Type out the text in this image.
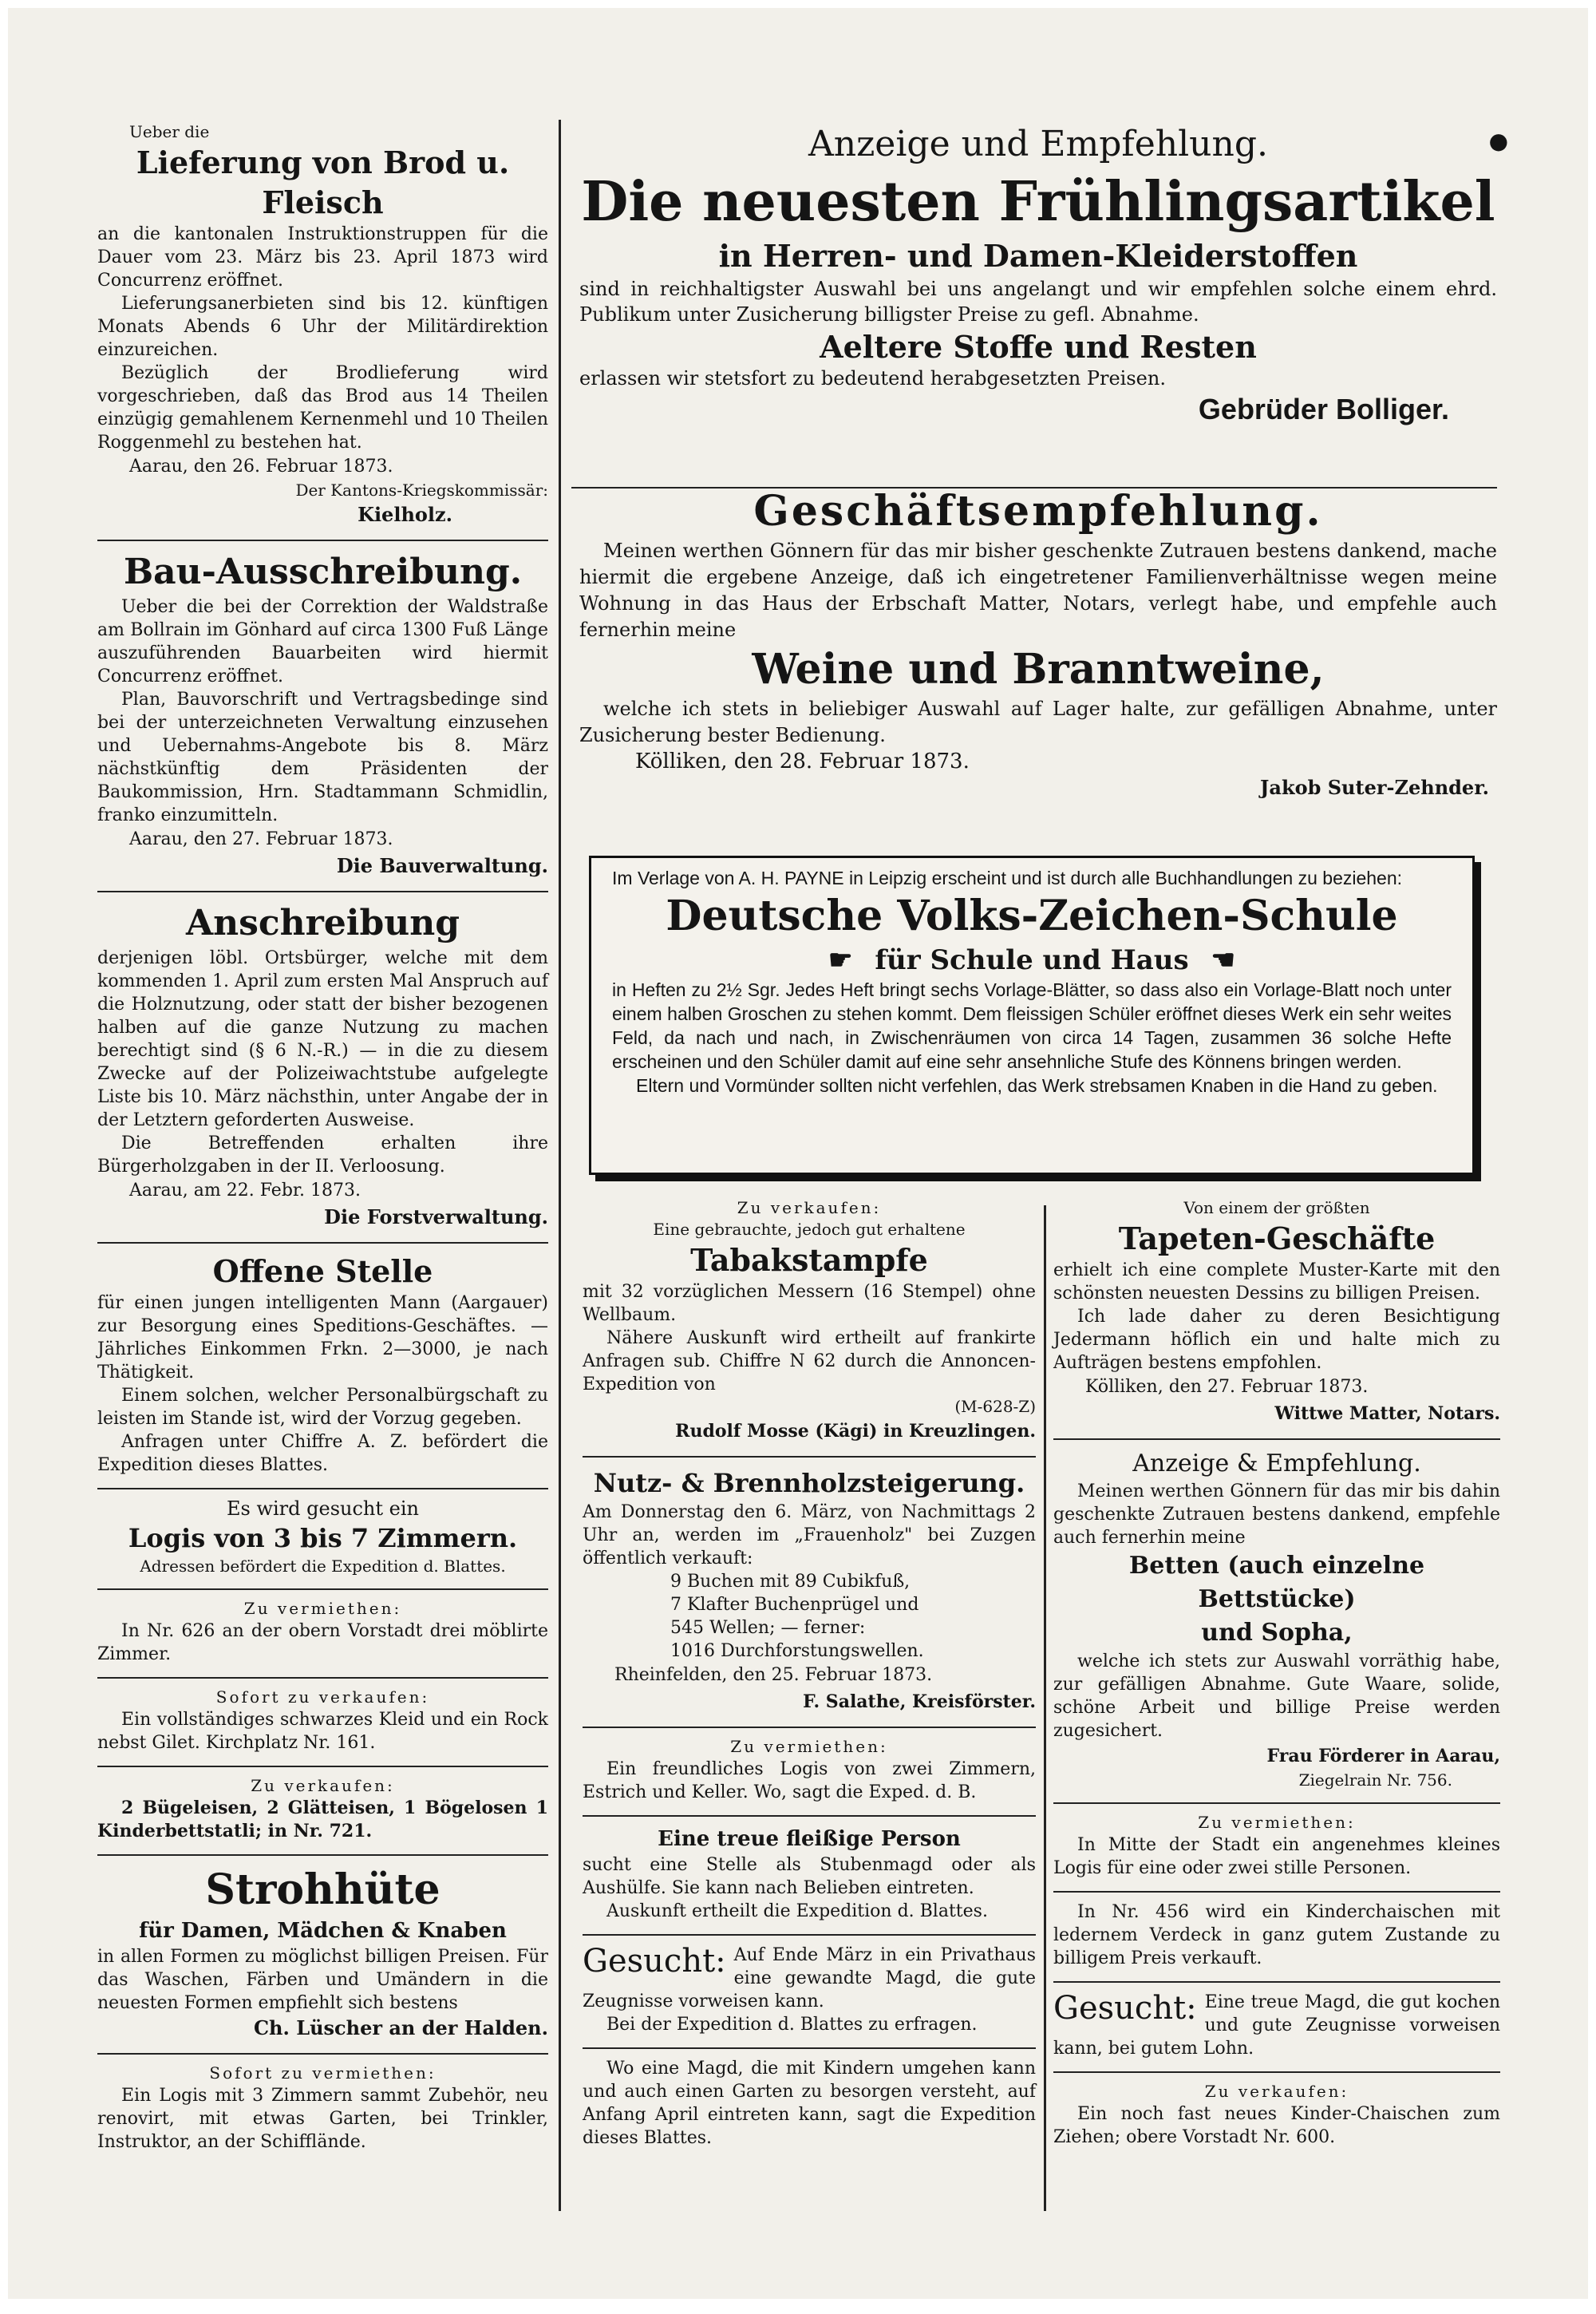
Ueber die

Lieferung von Brod u. Fleisch

an die kantonalen Instruktionstruppen für die Dauer vom 23. März bis 23. April 1873 wird Concurrenz eröffnet.

Lieferungsanerbieten sind bis 12. künftigen Monats Abends 6 Uhr der Militärdirektion einzureichen.

Bezüglich der Brodlieferung wird vorgeschrieben, daß das Brod aus 14 Theilen einzügig gemahlenem Kernenmehl und 10 Theilen Roggenmehl zu bestehen hat.

Aarau, den 26. Februar 1873.

Der Kantons-Kriegskommissär:

Kielholz.

Bau-Ausschreibung.

Ueber die bei der Correktion der Waldstraße am Bollrain im Gönhard auf circa 1300 Fuß Länge auszuführenden Bauarbeiten wird hiermit Concurrenz eröffnet.

Plan, Bauvorschrift und Vertragsbedinge sind bei der unterzeichneten Verwaltung einzusehen und Uebernahms-Angebote bis 8. März nächstkünftig dem Präsidenten der Baukommission, Hrn. Stadtammann Schmidlin, franko einzumitteln.

Aarau, den 27. Februar 1873.

Die Bauverwaltung.

Anschreibung

derjenigen löbl. Ortsbürger, welche mit dem kommenden 1. April zum ersten Mal Anspruch auf die Holznutzung, oder statt der bisher bezogenen halben auf die ganze Nutzung zu machen berechtigt sind (§ 6 N.-R.) — in die zu diesem Zwecke auf der Polizeiwachtstube aufgelegte Liste bis 10. März nächsthin, unter Angabe der in der Letztern geforderten Ausweise.

Die Betreffenden erhalten ihre Bürgerholzgaben in der II. Verloosung.

Aarau, am 22. Febr. 1873.

Die Forstverwaltung.

Offene Stelle

für einen jungen intelligenten Mann (Aargauer) zur Besorgung eines Speditions-Geschäftes. — Jährliches Einkommen Frkn. 2—3000, je nach Thätigkeit.

Einem solchen, welcher Personalbürgschaft zu leisten im Stande ist, wird der Vorzug gegeben.

Anfragen unter Chiffre A. Z. befördert die Expedition dieses Blattes.

Es wird gesucht ein

Logis von 3 bis 7 Zimmern.

Adressen befördert die Expedition d. Blattes.

Zu vermiethen:

In Nr. 626 an der obern Vorstadt drei möblirte Zimmer.

Sofort zu verkaufen:

Ein vollständiges schwarzes Kleid und ein Rock nebst Gilet. Kirchplatz Nr. 161.

Zu verkaufen:

2 Bügeleisen, 2 Glätteisen, 1 Bögelosen 1 Kinderbettstatli; in Nr. 721.

Strohhüte

für Damen, Mädchen & Knaben

in allen Formen zu möglichst billigen Preisen. Für das Waschen, Färben und Umändern in die neuesten Formen empfiehlt sich bestens

Ch. Lüscher an der Halden.

Sofort zu vermiethen:

Ein Logis mit 3 Zimmern sammt Zubehör, neu renovirt, mit etwas Garten, bei Trinkler, Instruktor, an der Schifflände.

Anzeige und Empfehlung.

Die neuesten Frühlingsartikel

in Herren- und Damen-Kleiderstoffen

sind in reichhaltigster Auswahl bei uns angelangt und wir empfehlen solche einem ehrd. Publikum unter Zusicherung billigster Preise zu gefl. Abnahme.

Aeltere Stoffe und Resten

erlassen wir stetsfort zu bedeutend herabgesetzten Preisen.

Gebrüder Bolliger.

●

Geschäftsempfehlung.

Meinen werthen Gönnern für das mir bisher geschenkte Zutrauen bestens dankend, mache hiermit die ergebene Anzeige, daß ich eingetretener Familienverhältnisse wegen meine Wohnung in das Haus der Erbschaft Matter, Notars, verlegt habe, und empfehle auch fernerhin meine

Weine und Branntweine,

welche ich stets in beliebiger Auswahl auf Lager halte, zur gefälligen Abnahme, unter Zusicherung bester Bedienung.

Kölliken, den 28. Februar 1873.

Jakob Suter-Zehnder.

Im Verlage von A. H. PAYNE in Leipzig erscheint und ist durch alle Buchhandlungen zu beziehen:

Deutsche Volks-Zeichen-Schule

☛ für Schule und Haus ☚

in Heften zu 2½ Sgr. Jedes Heft bringt sechs Vorlage-Blätter, so dass also ein Vorlage-Blatt noch unter einem halben Groschen zu stehen kommt. Dem fleissigen Schüler eröffnet dieses Werk ein sehr weites Feld, da nach und nach, in Zwischenräumen von circa 14 Tagen, zusammen 36 solche Hefte erscheinen und den Schüler damit auf eine sehr ansehnliche Stufe des Könnens bringen werden.

Eltern und Vormünder sollten nicht verfehlen, das Werk strebsamen Knaben in die Hand zu geben.

Zu verkaufen:

Eine gebrauchte, jedoch gut erhaltene

Tabakstampfe

mit 32 vorzüglichen Messern (16 Stempel) ohne Wellbaum.

Nähere Auskunft wird ertheilt auf frankirte Anfragen sub. Chiffre N 62 durch die Annoncen-Expedition von

(M-628-Z)

Rudolf Mosse (Kägi) in Kreuzlingen.

Nutz- & Brennholzsteigerung.

Am Donnerstag den 6. März, von Nachmittags 2 Uhr an, werden im „Frauenholz" bei Zuzgen öffentlich verkauft:

9 Buchen mit 89 Cubikfuß,

7 Klafter Buchenprügel und

545 Wellen; — ferner:

1016 Durchforstungswellen.

Rheinfelden, den 25. Februar 1873.

F. Salathe, Kreisförster.

Zu vermiethen:

Ein freundliches Logis von zwei Zimmern, Estrich und Keller. Wo, sagt die Exped. d. B.

Eine treue fleißige Person

sucht eine Stelle als Stubenmagd oder als Aushülfe. Sie kann nach Belieben eintreten.

Auskunft ertheilt die Expedition d. Blattes.

Gesucht: Auf Ende März in ein Privathaus eine gewandte Magd, die gute Zeugnisse vorweisen kann.

Bei der Expedition d. Blattes zu erfragen.

Wo eine Magd, die mit Kindern umgehen kann und auch einen Garten zu besorgen versteht, auf Anfang April eintreten kann, sagt die Expedition dieses Blattes.

Von einem der größten

Tapeten-Geschäfte

erhielt ich eine complete Muster-Karte mit den schönsten neuesten Dessins zu billigen Preisen.

Ich lade daher zu deren Besichtigung Jedermann höflich ein und halte mich zu Aufträgen bestens empfohlen.

Kölliken, den 27. Februar 1873.

Wittwe Matter, Notars.

Anzeige & Empfehlung.

Meinen werthen Gönnern für das mir bis dahin geschenkte Zutrauen bestens dankend, empfehle auch fernerhin meine

Betten (auch einzelne Bettstücke)

und Sopha,

welche ich stets zur Auswahl vorräthig habe, zur gefälligen Abnahme. Gute Waare, solide, schöne Arbeit und billige Preise werden zugesichert.

Frau Förderer in Aarau,

Ziegelrain Nr. 756.

Zu vermiethen:

In Mitte der Stadt ein angenehmes kleines Logis für eine oder zwei stille Personen.

In Nr. 456 wird ein Kinderchaischen mit ledernem Verdeck in ganz gutem Zustande zu billigem Preis verkauft.

Gesucht: Eine treue Magd, die gut kochen und gute Zeugnisse vorweisen kann, bei gutem Lohn.

Zu verkaufen:

Ein noch fast neues Kinder-Chaischen zum Ziehen; obere Vorstadt Nr. 600.
